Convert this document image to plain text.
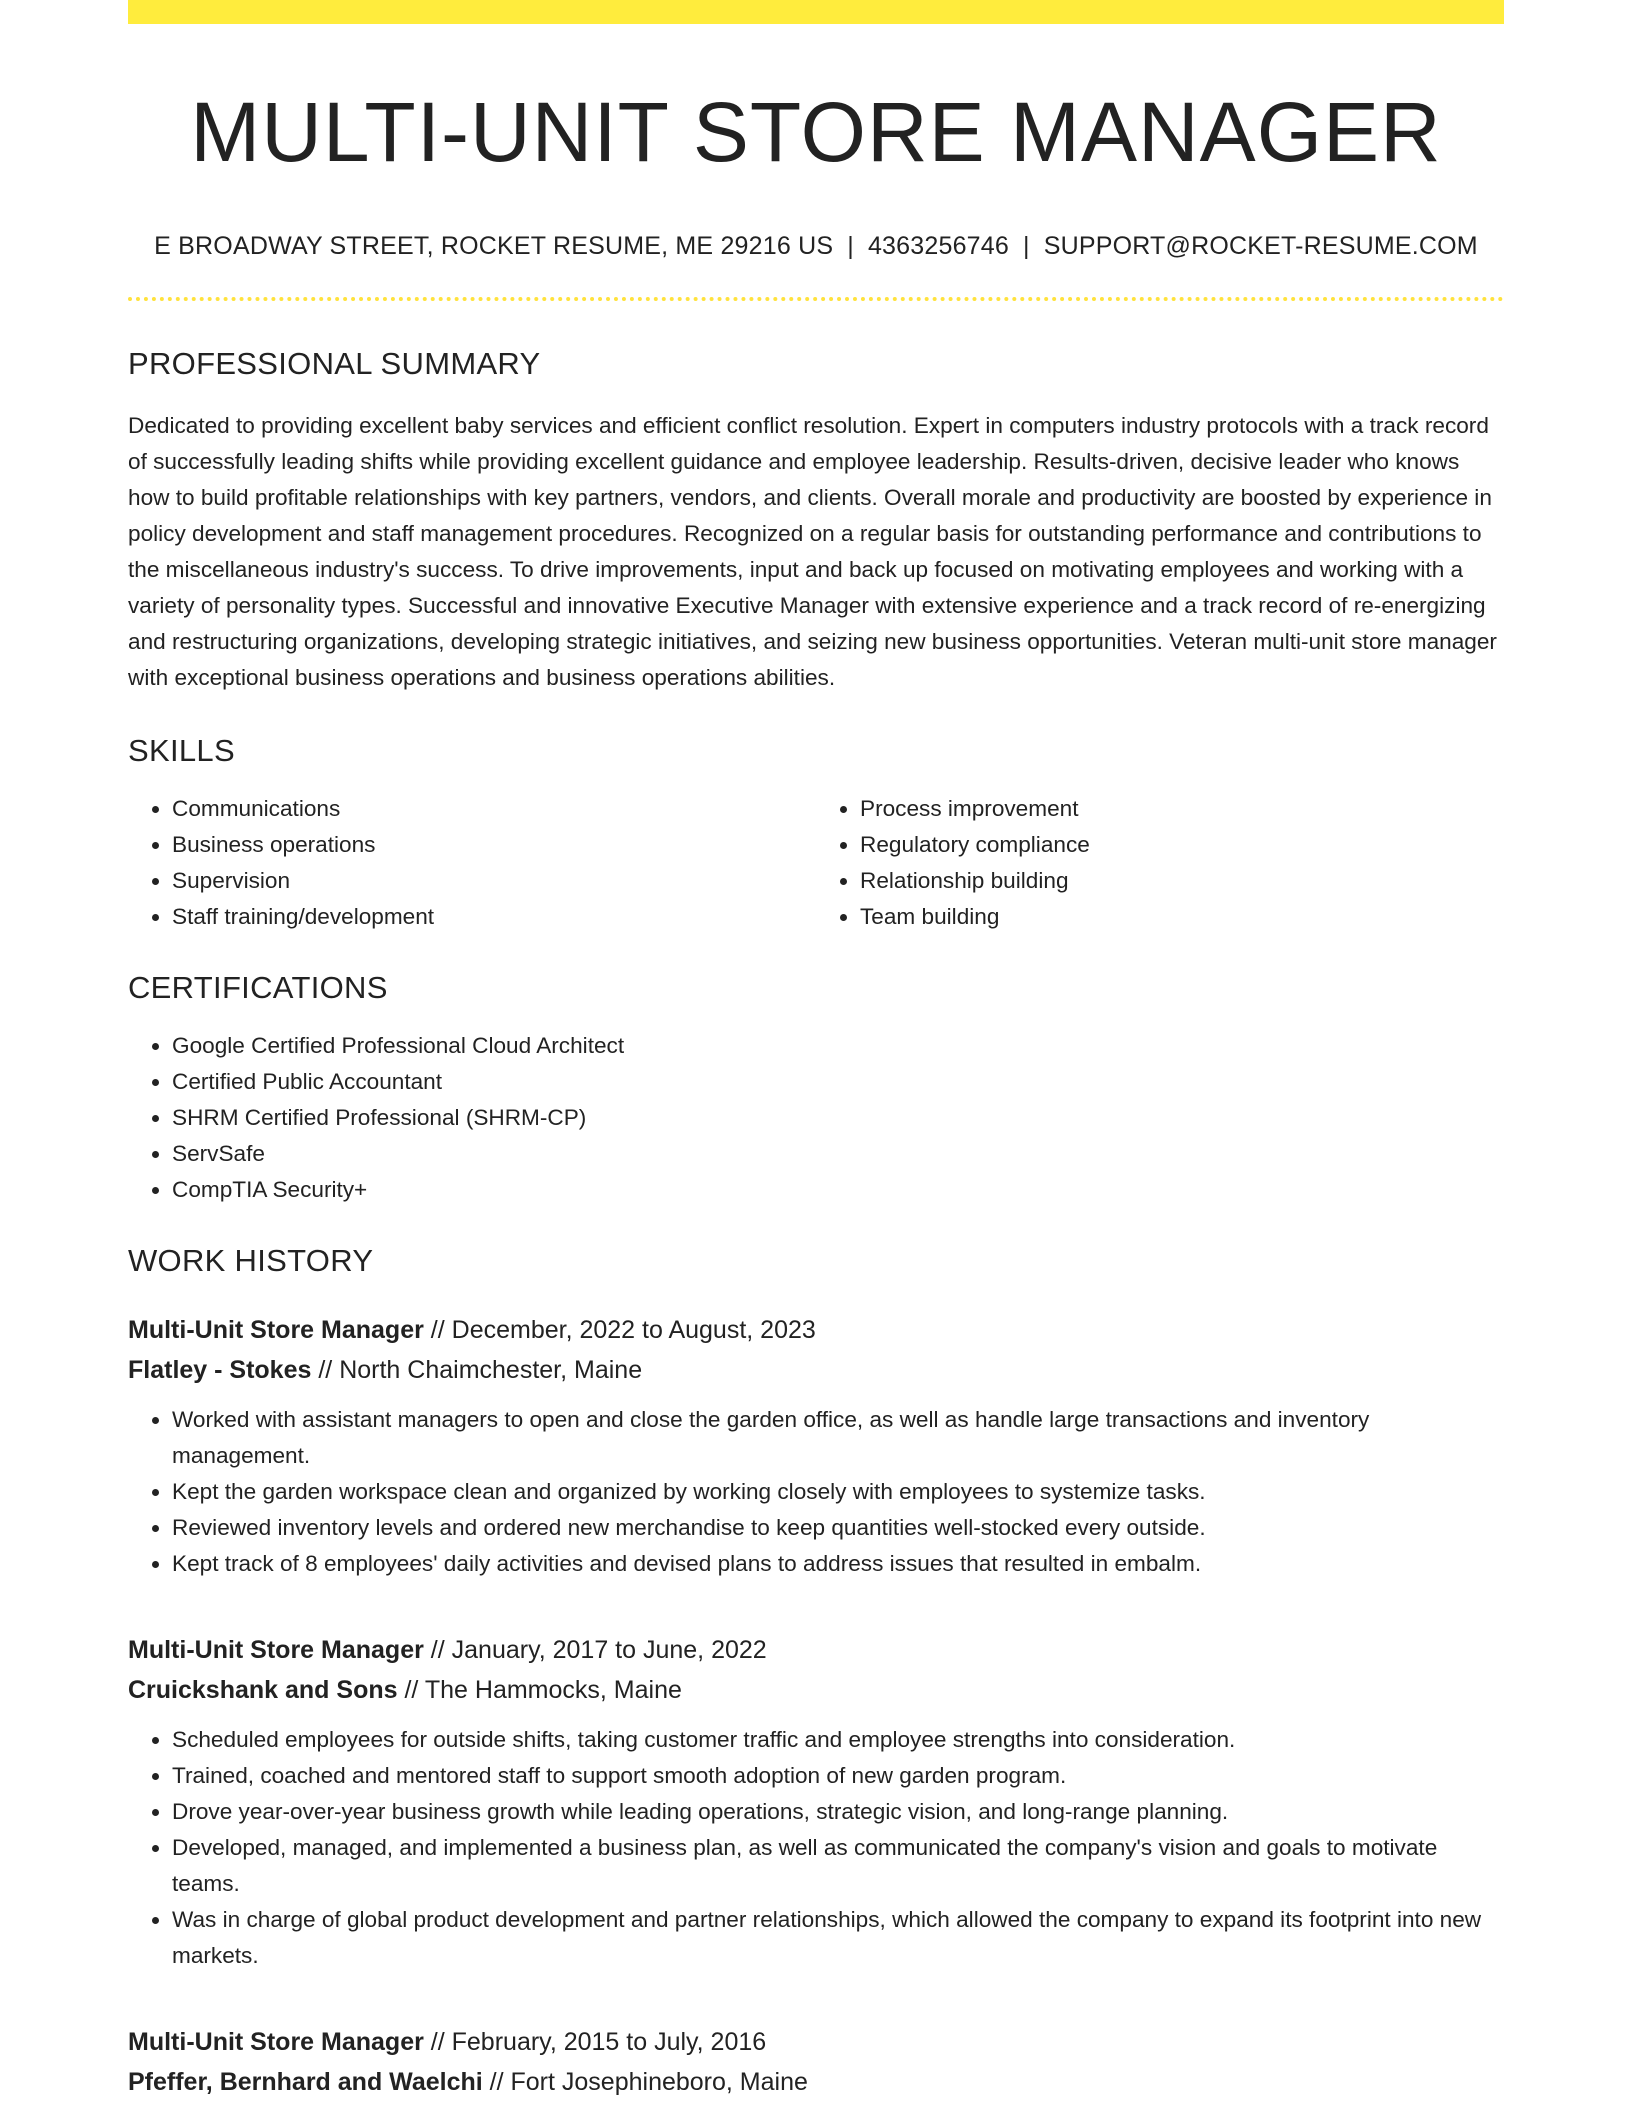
MULTI-UNIT STORE MANAGER
E BROADWAY STREET, ROCKET RESUME, ME 29216 US | 4363256746 | SUPPORT@ROCKET-RESUME.COM
PROFESSIONAL SUMMARY
Dedicated to providing excellent baby services and efficient conflict resolution. Expert in computers industry protocols with a track record of successfully leading shifts while providing excellent guidance and employee leadership. Results-driven, decisive leader who knows how to build profitable relationships with key partners, vendors, and clients. Overall morale and productivity are boosted by experience in policy development and staff management procedures. Recognized on a regular basis for outstanding performance and contributions to the miscellaneous industry's success. To drive improvements, input and back up focused on motivating employees and working with a variety of personality types. Successful and innovative Executive Manager with extensive experience and a track record of re-energizing and restructuring organizations, developing strategic initiatives, and seizing new business opportunities. Veteran multi-unit store manager with exceptional business operations and business operations abilities.
SKILLS
• Communications
• Business operations
• Supervision
• Staff training/development
• Process improvement
• Regulatory compliance
• Relationship building
• Team building
CERTIFICATIONS
• Google Certified Professional Cloud Architect
• Certified Public Accountant
• SHRM Certified Professional (SHRM-CP)
• ServSafe
• CompTIA Security+
WORK HISTORY
Multi-Unit Store Manager // December, 2022 to August, 2023
Flatley - Stokes // North Chaimchester, Maine
• Worked with assistant managers to open and close the garden office, as well as handle large transactions and inventory management.
• Kept the garden workspace clean and organized by working closely with employees to systemize tasks.
• Reviewed inventory levels and ordered new merchandise to keep quantities well-stocked every outside.
• Kept track of 8 employees' daily activities and devised plans to address issues that resulted in embalm.
Multi-Unit Store Manager // January, 2017 to June, 2022
Cruickshank and Sons // The Hammocks, Maine
• Scheduled employees for outside shifts, taking customer traffic and employee strengths into consideration.
• Trained, coached and mentored staff to support smooth adoption of new garden program.
• Drove year-over-year business growth while leading operations, strategic vision, and long-range planning.
• Developed, managed, and implemented a business plan, as well as communicated the company's vision and goals to motivate teams.
• Was in charge of global product development and partner relationships, which allowed the company to expand its footprint into new markets.
Multi-Unit Store Manager // February, 2015 to July, 2016
Pfeffer, Bernhard and Waelchi // Fort Josephineboro, Maine
